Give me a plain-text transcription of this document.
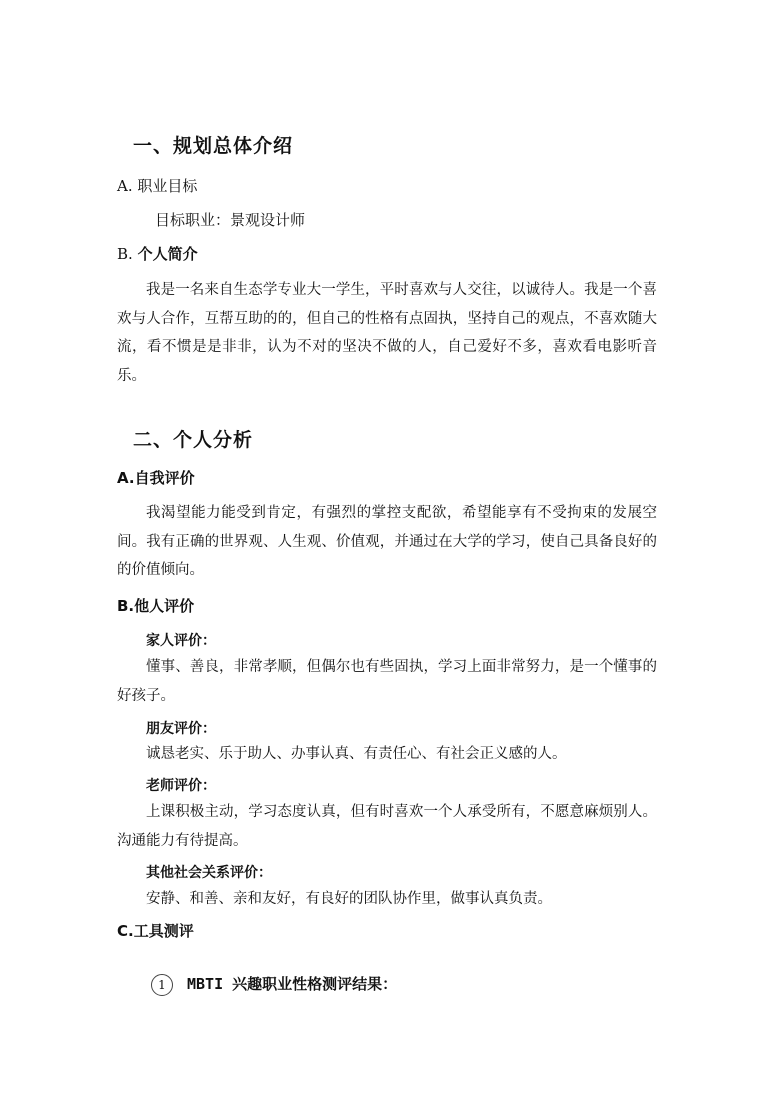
一、规划总体介绍
A. 职业目标
目标职业：景观设计师
B. 个人简介
我是一名来自生态学专业大一学生，平时喜欢与人交往，以诚待人。我是一个喜欢与人合作，互帮互助的的，但自己的性格有点固执，坚持自己的观点，不喜欢随大流，看不惯是是非非，认为不对的坚决不做的人，自己爱好不多，喜欢看电影听音乐。
二、个人分析
A.自我评价
我渴望能力能受到肯定，有强烈的掌控支配欲，希望能享有不受拘束的发展空间。我有正确的世界观、人生观、价值观，并通过在大学的学习，使自己具备良好的的价值倾向。
B.他人评价
家人评价：
懂事、善良，非常孝顺，但偶尔也有些固执，学习上面非常努力，是一个懂事的好孩子。
朋友评价：
诚恳老实、乐于助人、办事认真、有责任心、有社会正义感的人。
老师评价：
上课积极主动，学习态度认真，但有时喜欢一个人承受所有，不愿意麻烦别人。沟通能力有待提高。
其他社会关系评价：
安静、和善、亲和友好，有良好的团队协作里，做事认真负责。
C.工具测评
1	MBTI 兴趣职业性格测评结果：
